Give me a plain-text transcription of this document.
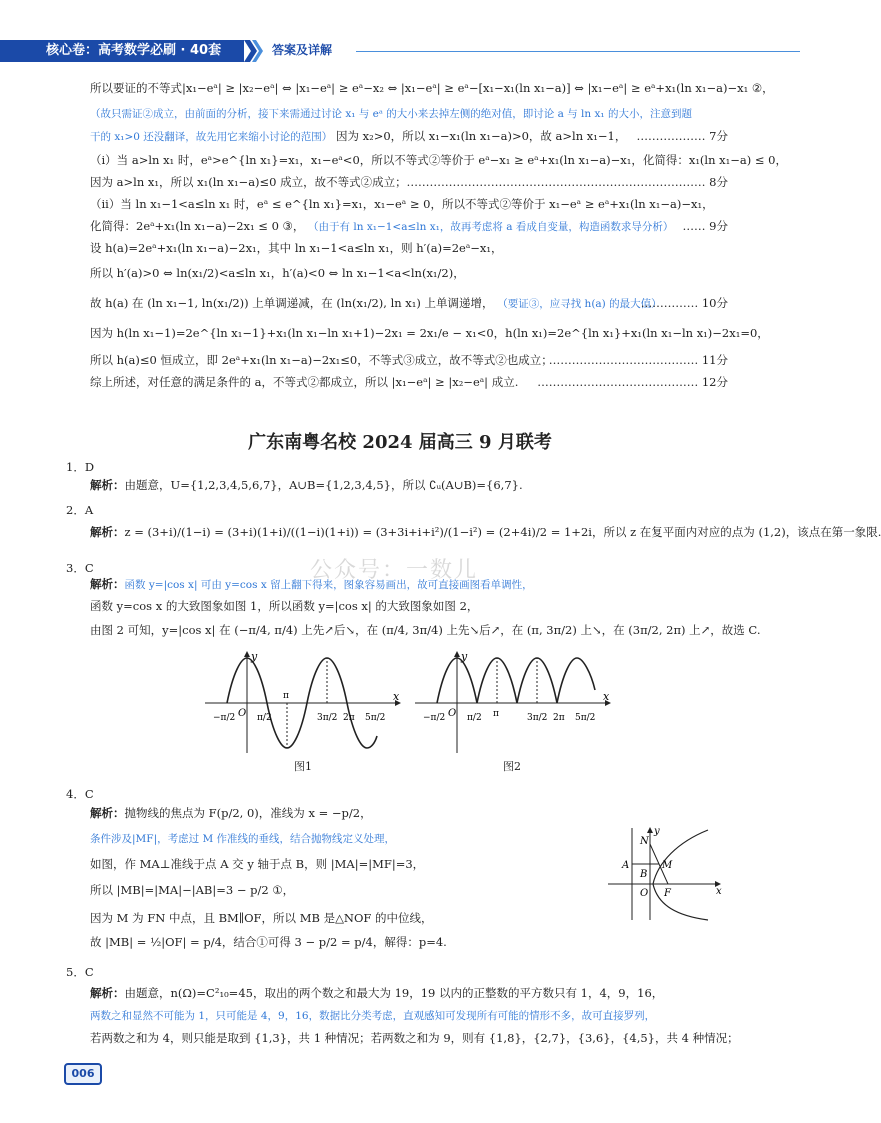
核心卷：高考数学必刷 · 40套	答案及详解
所以要证的不等式|x₁−eᵃ| ≥ |x₂−eᵃ| ⇔ |x₁−eᵃ| ≥ eᵃ−x₂ ⇔ |x₁−eᵃ| ≥ eᵃ−[x₁−x₁(ln x₁−a)] ⇔ |x₁−eᵃ| ≥ eᵃ+x₁(ln x₁−a)−x₁ ②，
（故只需证②成立，由前面的分析，接下来需通过讨论 x₁ 与 eᵃ 的大小来去掉左侧的绝对值，即讨论 a 与 ln x₁ 的大小，注意到题
干的 x₁>0 还没翻译，故先用它来缩小讨论的范围） 因为 x₂>0，所以 x₁−x₁(ln x₁−a)>0，故 a>ln x₁−1， ……………… 7分
（i）当 a>ln x₁ 时，eᵃ>e^{ln x₁}=x₁，x₁−eᵃ<0，所以不等式②等价于 eᵃ−x₁ ≥ eᵃ+x₁(ln x₁−a)−x₁，化简得：x₁(ln x₁−a) ≤ 0，
因为 a>ln x₁，所以 x₁(ln x₁−a)≤0 成立，故不等式②成立； …………………………………………………………………… 8分
（ii）当 ln x₁−1<a≤ln x₁ 时，eᵃ ≤ e^{ln x₁}=x₁，x₁−eᵃ ≥ 0，所以不等式②等价于 x₁−eᵃ ≥ eᵃ+x₁(ln x₁−a)−x₁，
化简得：2eᵃ+x₁(ln x₁−a)−2x₁ ≤ 0 ③， （由于有 ln x₁−1<a≤ln x₁，故再考虑将 a 看成自变量，构造函数求导分析） …… 9分
设 h(a)=2eᵃ+x₁(ln x₁−a)−2x₁，其中 ln x₁−1<a≤ln x₁，则 h′(a)=2eᵃ−x₁，
所以 h′(a)>0 ⇔ ln(x₁/2)<a≤ln x₁，h′(a)<0 ⇔ ln x₁−1<a<ln(x₁/2)，
故 h(a) 在 (ln x₁−1, ln(x₁/2)) 上单调递减，在 (ln(x₁/2), ln x₁) 上单调递增， （要证③，应寻找 h(a) 的最大值）
…………… 10分
因为 h(ln x₁−1)=2e^{ln x₁−1}+x₁(ln x₁−ln x₁+1)−2x₁ = 2x₁/e − x₁<0，h(ln x₁)=2e^{ln x₁}+x₁(ln x₁−ln x₁)−2x₁=0，
所以 h(a)≤0 恒成立，即 2eᵃ+x₁(ln x₁−a)−2x₁≤0，不等式③成立，故不等式②也成立；
………………………………… 11分
综上所述，对任意的满足条件的 a，不等式②都成立，所以 |x₁−eᵃ| ≥ |x₂−eᵃ| 成立.	…………………………………… 12分
广东南粤名校 2024 届高三 9 月联考
1．D
解析：由题意，U={1,2,3,4,5,6,7}，A∪B={1,2,3,4,5}，所以 ∁ᵤ(A∪B)={6,7}.
2．A
解析：z = (3+i)/(1−i) = (3+i)(1+i)/((1−i)(1+i)) = (3+3i+i+i²)/(1−i²) = (2+4i)/2 = 1+2i，所以 z 在复平面内对应的点为 (1,2)，该点在第一象限.
公众号：一数儿
3．C
解析：函数 y=|cos x| 可由 y=cos x 留上翻下得来，图象容易画出，故可直接画图看单调性，
函数 y=cos x 的大致图象如图 1，所以函数 y=|cos x| 的大致图象如图 2，
由图 2 可知，y=|cos x| 在 (−π/4, π/4) 上先↗后↘，在 (π/4, 3π/4) 上先↘后↗，在 (π, 3π/2) 上↘，在 (3π/2, 2π) 上↗，故选 C.
x
y
−π/2 O π/2
π
3π/2 2π 5π/2
图1
x
y
−π/2 O π/2 π	3π/2 2π 5π/2
图2
4．C
解析：抛物线的焦点为 F(p/2, 0)，准线为 x = −p/2，
条件涉及|MF|，考虑过 M 作准线的垂线，结合抛物线定义处理，
如图，作 MA⊥准线于点 A 交 y 轴于点 B，则 |MA|=|MF|=3，
所以 |MB|=|MA|−|AB|=3 − p/2 ①，
因为 M 为 FN 中点，且 BM∥OF，所以 MB 是△NOF 的中位线，
故 |MB| = ½|OF| = p/4，结合①可得 3 − p/2 = p/4，解得：p=4.
N
A
B
M
O F	x
y
5．C
解析：由题意，n(Ω)=C²₁₀=45，取出的两个数之和最大为 19，19 以内的正整数的平方数只有 1，4，9，16，
两数之和显然不可能为 1，只可能是 4，9，16，数据比分类考虑，直观感知可发现所有可能的情形不多，故可直接罗列，
若两数之和为 4，则只能是取到 {1,3}，共 1 种情况；若两数之和为 9，则有 {1,8}，{2,7}，{3,6}，{4,5}，共 4 种情况；
006
